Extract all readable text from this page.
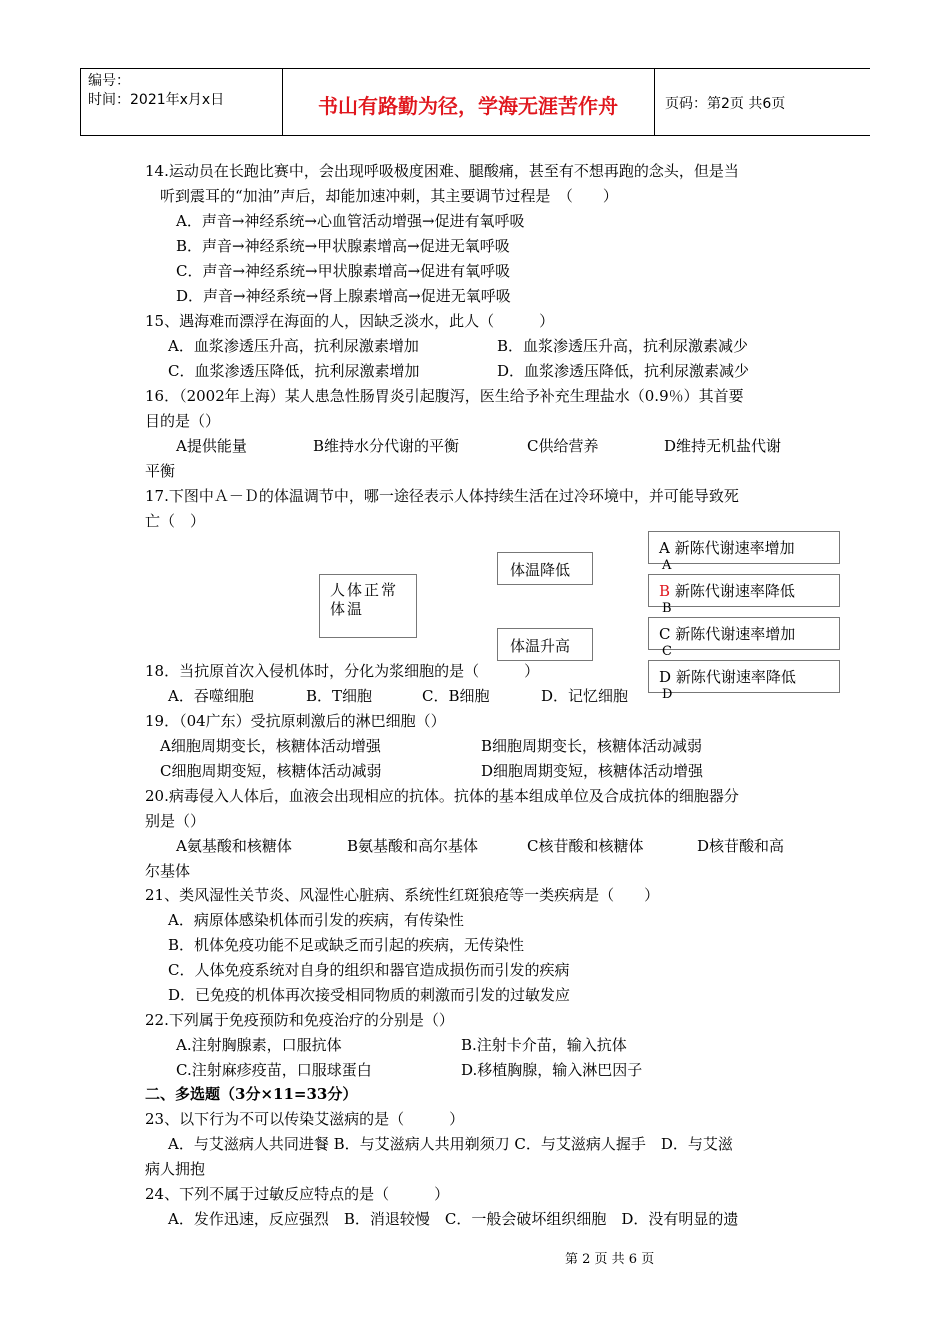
编号：
时间：2021年x月x日	书山有路勤为径，学海无涯苦作舟	页码：第2页 共6页
14.运动员在长跑比赛中，会出现呼吸极度困难、腿酸痛，甚至有不想再跑的念头，但是当
听到震耳的“加油”声后，却能加速冲刺，其主要调节过程是　（　　）
A．声音→神经系统→心血管活动增强→促进有氧呼吸
B．声音→神经系统→甲状腺素增高→促进无氧呼吸
C．声音→神经系统→甲状腺素增高→促进有氧呼吸
D．声音→神经系统→肾上腺素增高→促进无氧呼吸
15、遇海难而漂浮在海面的人，因缺乏淡水，此人（　　　）
A．血浆渗透压升高，抗利尿激素增加	B．血浆渗透压升高，抗利尿激素减少
C．血浆渗透压降低，抗利尿激素增加	D．血浆渗透压降低，抗利尿激素减少
16．（2002年上海）某人患急性肠胃炎引起腹泻，医生给予补充生理盐水（0.9％）其首要
目的是（）
A提供能量	B维持水分代谢的平衡	C供给营养	D维持无机盐代谢
平衡
17.下图中Ａ－Ｄ的体温调节中，哪一途径表示人体持续生活在过冷环境中，并可能导致死
亡（　）
人体正常体温
体温降低
体温升高
A 新陈代谢速率增加
A
B 新陈代谢速率降低
B
C 新陈代谢速率增加
C
D 新陈代谢速率降低
D
18．当抗原首次入侵机体时，分化为浆细胞的是（　　　）
A．吞噬细胞	B．T细胞	C．B细胞	D．记忆细胞
19．（04广东）受抗原刺激后的淋巴细胞（）
A细胞周期变长，核糖体活动增强	B细胞周期变长，核糖体活动减弱
C细胞周期变短，核糖体活动减弱	D细胞周期变短，核糖体活动增强
20.病毒侵入人体后，血液会出现相应的抗体。抗体的基本组成单位及合成抗体的细胞器分
别是（）
A氨基酸和核糖体	B氨基酸和高尔基体	C核苷酸和核糖体	D核苷酸和高
尔基体
21、类风湿性关节炎、风湿性心脏病、系统性红斑狼疮等一类疾病是（　　）
A．病原体感染机体而引发的疾病，有传染性
B．机体免疫功能不足或缺乏而引起的疾病，无传染性
C．人体免疫系统对自身的组织和器官造成损伤而引发的疾病
D．已免疫的机体再次接受相同物质的刺激而引发的过敏发应
22.下列属于免疫预防和免疫治疗的分别是（）
A.注射胸腺素，口服抗体	B.注射卡介苗，输入抗体
C.注射麻疹疫苗，口服球蛋白	D.移植胸腺，输入淋巴因子
二、多选题（3分×11=33分）
23、以下行为不可以传染艾滋病的是（　　　）
A．与艾滋病人共同进餐 B．与艾滋病人共用剃须刀 C．与艾滋病人握手　D．与艾滋
病人拥抱
24、下列不属于过敏反应特点的是（　　　）
A．发作迅速，反应强烈　B．消退较慢　C．一般会破坏组织细胞　D．没有明显的遗
第 2 页 共 6 页
